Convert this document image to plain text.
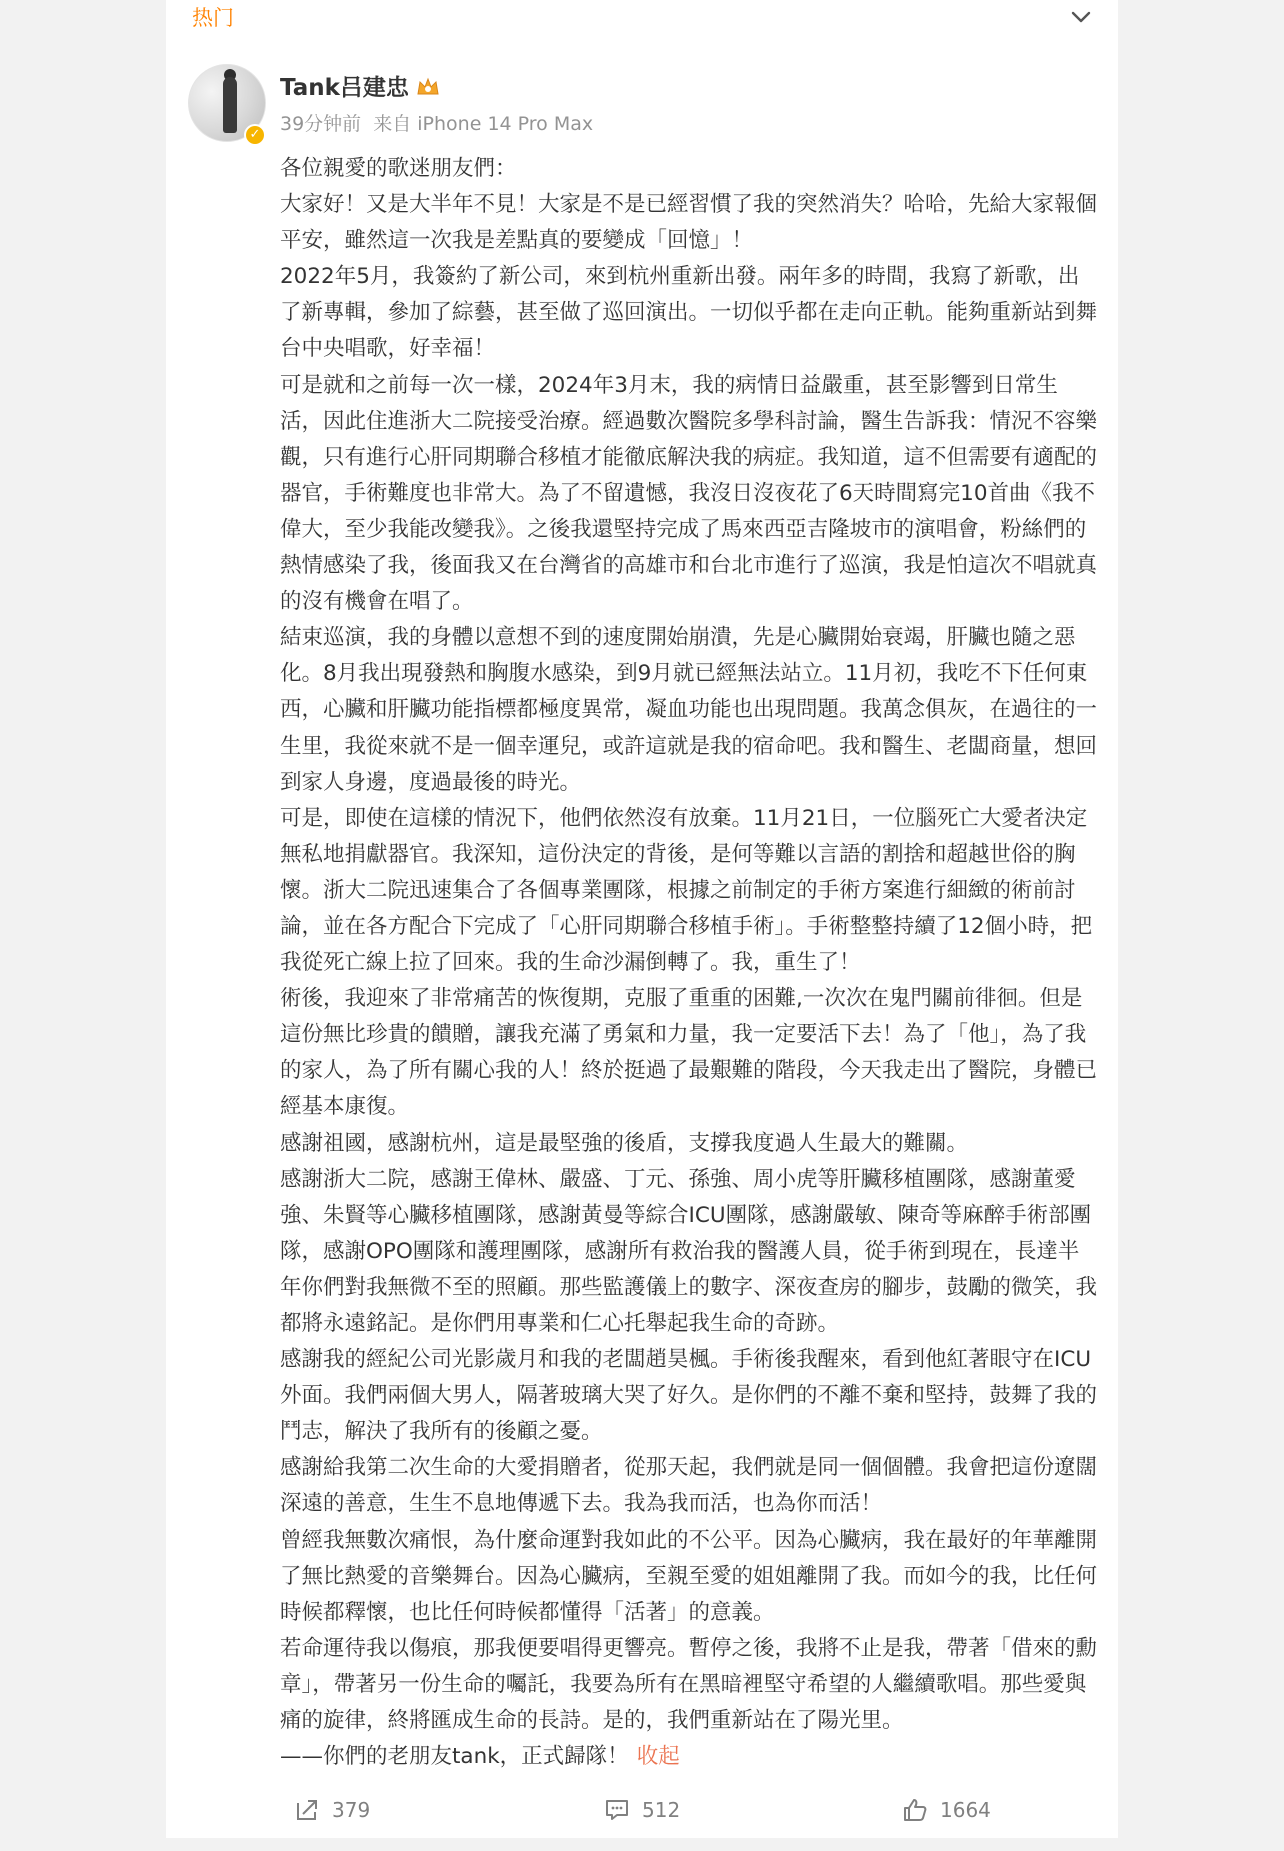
热门
✓
Tank吕建忠
39分钟前 来自 iPhone 14 Pro Max

各位親愛的歌迷朋友們：

大家好！又是大半年不見！大家是不是已經習慣了我的突然消失？哈哈，先給大家報個平安，雖然這一次我是差點真的要變成「回憶」！

2022年5月，我簽約了新公司，來到杭州重新出發。兩年多的時間，我寫了新歌，出了新專輯，參加了綜藝，甚至做了巡回演出。一切似乎都在走向正軌。能夠重新站到舞台中央唱歌，好幸福！

可是就和之前每一次一樣，2024年3月末，我的病情日益嚴重，甚至影響到日常生活，因此住進浙大二院接受治療。經過數次醫院多學科討論，醫生告訴我：情況不容樂觀，只有進行心肝同期聯合移植才能徹底解決我的病症。我知道，這不但需要有適配的器官，手術難度也非常大。為了不留遺憾，我沒日沒夜花了6天時間寫完10首曲《我不偉大，至少我能改變我》。之後我還堅持完成了馬來西亞吉隆坡市的演唱會，粉絲們的熱情感染了我，後面我又在台灣省的高雄市和台北市進行了巡演，我是怕這次不唱就真的沒有機會在唱了。

結束巡演，我的身體以意想不到的速度開始崩潰，先是心臟開始衰竭，肝臟也隨之惡化。8月我出現發熱和胸腹水感染，到9月就已經無法站立。11月初，我吃不下任何東西，心臟和肝臟功能指標都極度異常，凝血功能也出現問題。我萬念俱灰，在過往的一生里，我從來就不是一個幸運兒，或許這就是我的宿命吧。我和醫生、老闆商量，想回到家人身邊，度過最後的時光。

可是，即使在這樣的情況下，他們依然沒有放棄。11月21日，一位腦死亡大愛者決定無私地捐獻器官。我深知，這份決定的背後，是何等難以言語的割捨和超越世俗的胸懷。浙大二院迅速集合了各個專業團隊，根據之前制定的手術方案進行細緻的術前討論，並在各方配合下完成了「心肝同期聯合移植手術」。手術整整持續了12個小時，把我從死亡線上拉了回來。我的生命沙漏倒轉了。我，重生了！

術後，我迎來了非常痛苦的恢復期，克服了重重的困難,一次次在鬼門關前徘徊。但是這份無比珍貴的饋贈，讓我充滿了勇氣和力量，我一定要活下去！為了「他」，為了我的家人，為了所有關心我的人！終於挺過了最艱難的階段，今天我走出了醫院，身體已經基本康復。

感謝祖國，感謝杭州，這是最堅強的後盾，支撐我度過人生最大的難關。

感謝浙大二院，感謝王偉林、嚴盛、丁元、孫強、周小虎等肝臟移植團隊，感謝董愛強、朱賢等心臟移植團隊，感謝黃曼等綜合ICU團隊，感謝嚴敏、陳奇等麻醉手術部團隊，感謝OPO團隊和護理團隊，感謝所有救治我的醫護人員，從手術到現在，長達半年你們對我無微不至的照顧。那些監護儀上的數字、深夜查房的腳步，鼓勵的微笑，我都將永遠銘記。是你們用專業和仁心托舉起我生命的奇跡。

感謝我的經紀公司光影歲月和我的老闆趙昊楓。手術後我醒來，看到他紅著眼守在ICU外面。我們兩個大男人，隔著玻璃大哭了好久。是你們的不離不棄和堅持，鼓舞了我的鬥志，解決了我所有的後顧之憂。

感謝給我第二次生命的大愛捐贈者，從那天起，我們就是同一個個體。我會把這份遼闊深遠的善意，生生不息地傳遞下去。我為我而活，也為你而活！

曾經我無數次痛恨，為什麼命運對我如此的不公平。因為心臟病，我在最好的年華離開了無比熱愛的音樂舞台。因為心臟病，至親至愛的姐姐離開了我。而如今的我，比任何時候都釋懷，也比任何時候都懂得「活著」的意義。

若命運待我以傷痕，那我便要唱得更響亮。暫停之後，我將不止是我，帶著「借來的勳章」，帶著另一份生命的囑託，我要為所有在黑暗裡堅守希望的人繼續歌唱。那些愛與痛的旋律，終將匯成生命的長詩。是的，我們重新站在了陽光里。

——你們的老朋友tank，正式歸隊！ 收起

379	512	1664
